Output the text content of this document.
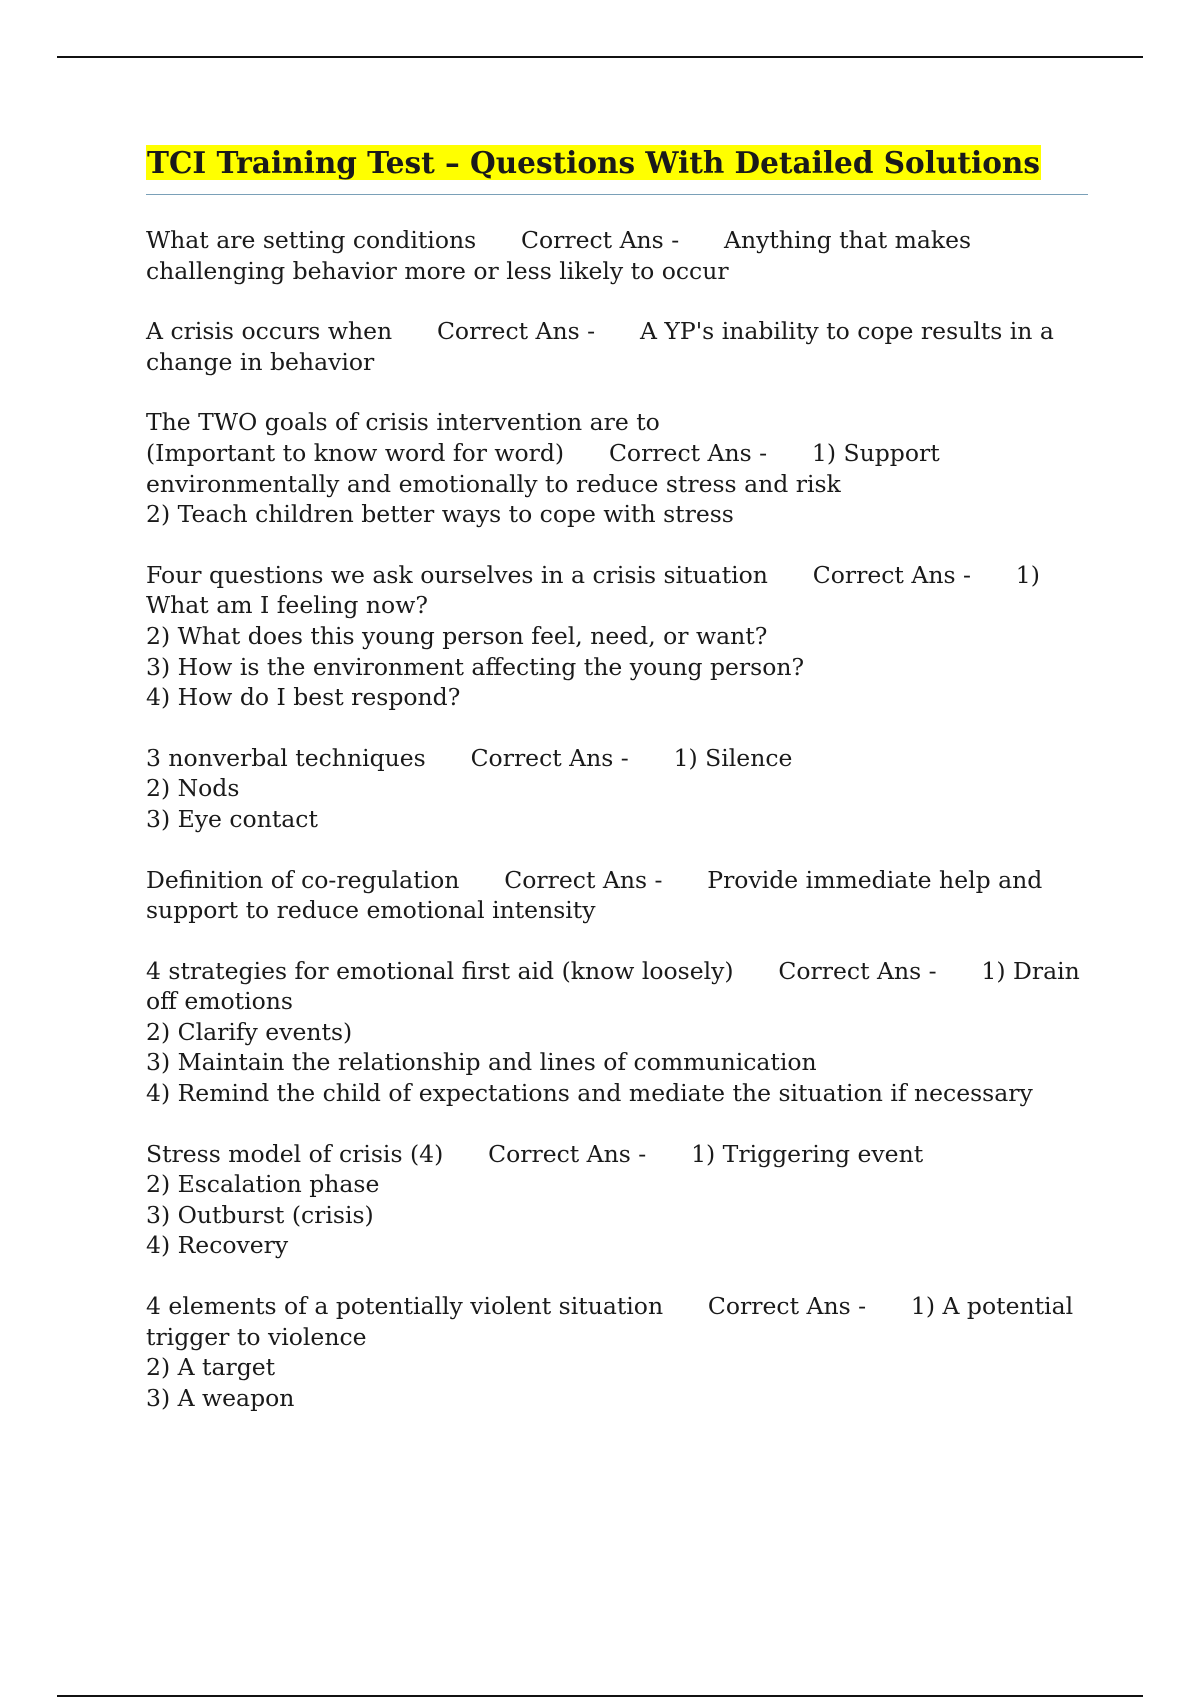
TCI Training Test – Questions With Detailed Solutions

What are setting conditions Correct Ans - Anything that makes challenging behavior more or less likely to occur

A crisis occurs when Correct Ans - A YP's inability to cope results in a change in behavior

The TWO goals of crisis intervention are to
(Important to know word for word) Correct Ans - 1) Support environmentally and emotionally to reduce stress and risk
2) Teach children better ways to cope with stress

Four questions we ask ourselves in a crisis situation Correct Ans - 1) What am I feeling now?
2) What does this young person feel, need, or want?
3) How is the environment affecting the young person?
4) How do I best respond?

3 nonverbal techniques Correct Ans - 1) Silence
2) Nods
3) Eye contact

Definition of co-regulation Correct Ans - Provide immediate help and support to reduce emotional intensity

4 strategies for emotional first aid (know loosely) Correct Ans - 1) Drain off emotions
2) Clarify events)
3) Maintain the relationship and lines of communication
4) Remind the child of expectations and mediate the situation if necessary

Stress model of crisis (4) Correct Ans - 1) Triggering event
2) Escalation phase
3) Outburst (crisis)
4) Recovery

4 elements of a potentially violent situation Correct Ans - 1) A potential trigger to violence
2) A target
3) A weapon
